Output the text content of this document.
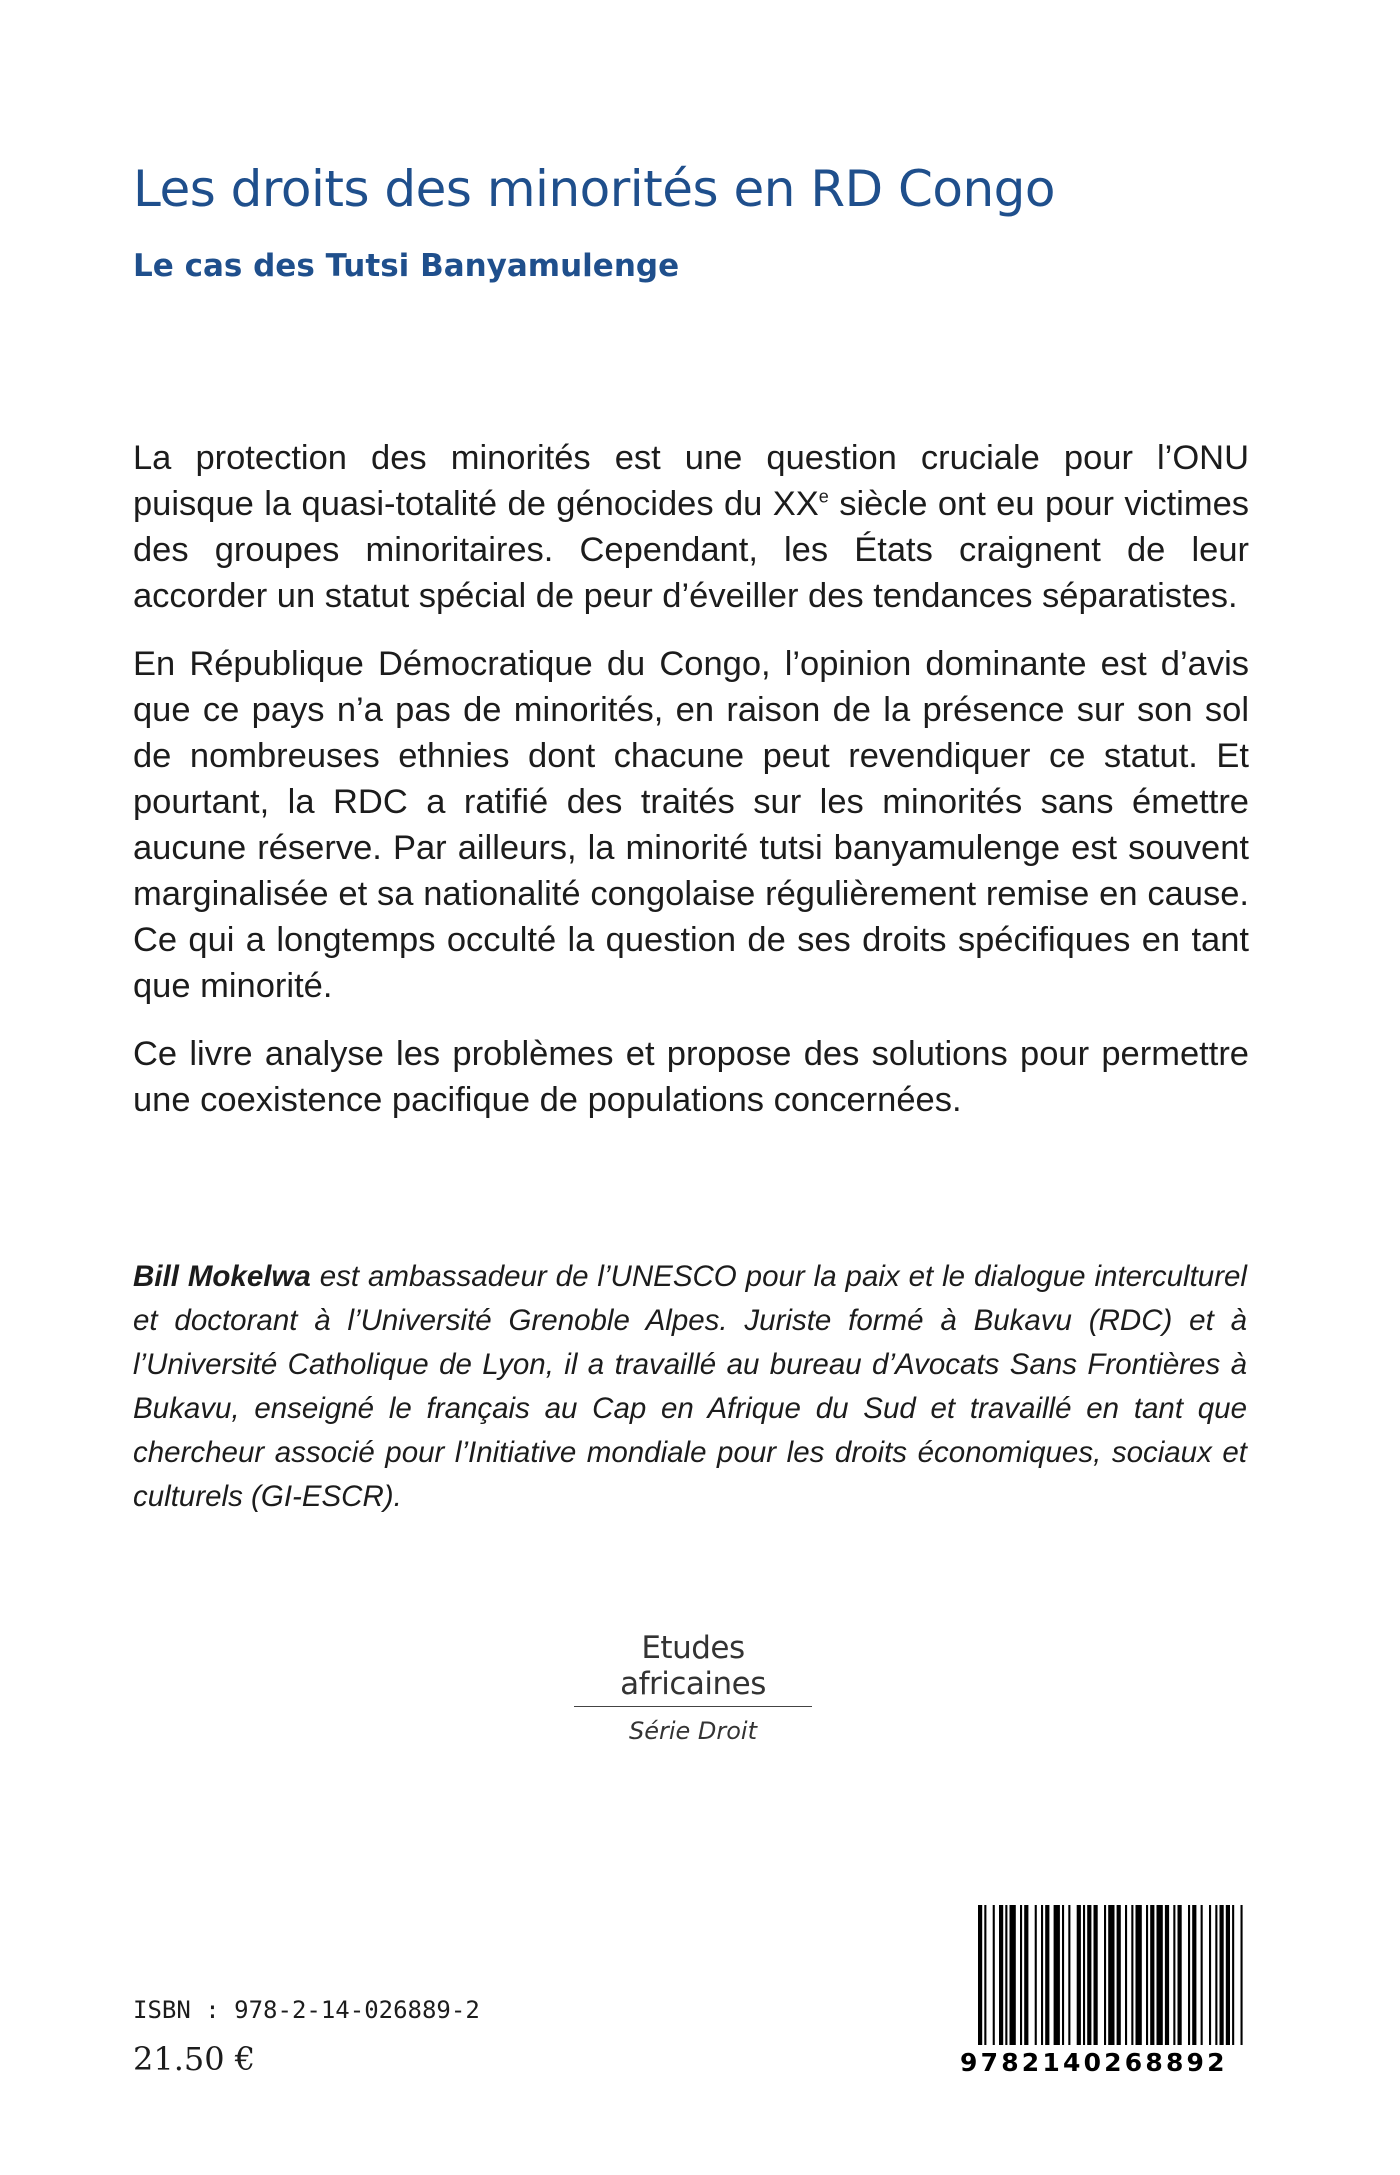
Les droits des minorités en RD Congo
Le cas des Tutsi Banyamulenge

La protection des minorités est une question cruciale pour l’ONU puisque la quasi-totalité de génocides du XXe siècle ont eu pour victimes des groupes minoritaires. Cependant, les États craignent de leur accorder un statut spécial de peur d’éveiller des tendances séparatistes.

En République Démocratique du Congo, l’opinion dominante est d’avis que ce pays n’a pas de minorités, en raison de la présence sur son sol de nombreuses ethnies dont chacune peut revendiquer ce statut. Et pourtant, la RDC a ratifié des traités sur les minorités sans émettre aucune réserve. Par ailleurs, la minorité tutsi banyamulenge est souvent marginalisée et sa nationalité congolaise régulièrement remise en cause. Ce qui a longtemps occulté la question de ses droits spécifiques en tant que minorité.

Ce livre analyse les problèmes et propose des solutions pour permettre une coexistence pacifique de populations concernées.

Bill Mokelwa est ambassadeur de l’UNESCO pour la paix et le dialogue interculturel et doctorant à l’Université Grenoble Alpes. Juriste formé à Bukavu (RDC) et à l’Université Catholique de Lyon, il a travaillé au bureau d’Avocats Sans Frontières à Bukavu, enseigné le français au Cap en Afrique du Sud et travaillé en tant que chercheur associé pour l’Initiative mondiale pour les droits économiques, sociaux et culturels (GI-ESCR).

Etudes africaines
Série Droit
ISBN : 978-2-14-026889-2
21.50 €	9782140268892
